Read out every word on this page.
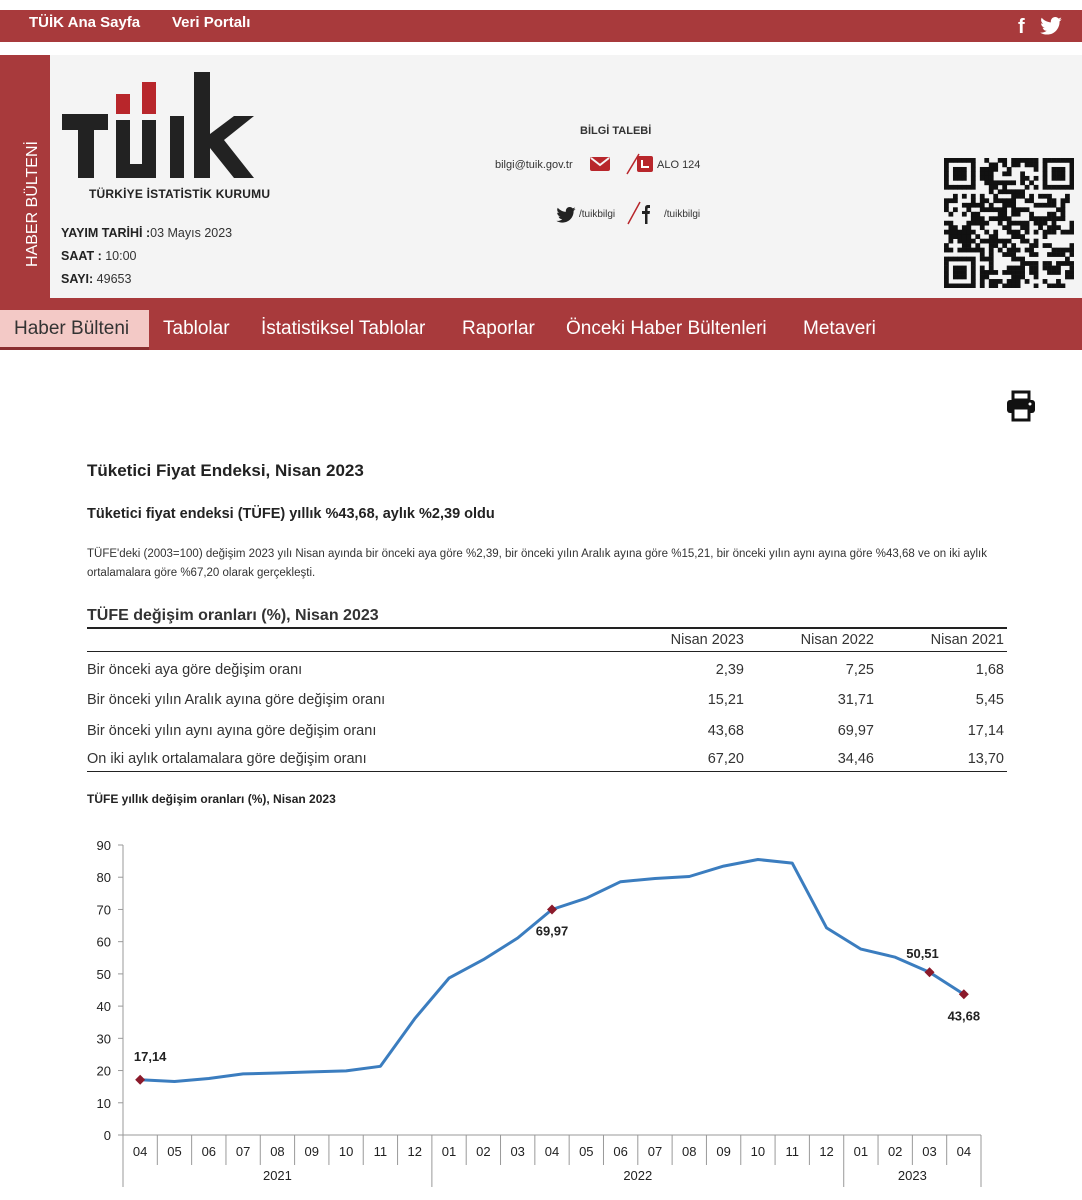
TÜİK Ana Sayfa Veri Portalı	f
HABER BÜLTENİ	TÜRKİYE İSTATİSTİK KURUMU
YAYIM TARİHİ :03 Mayıs 2023
SAAT : 10:00
SAYI: 49653
BİLGİ TALEBİ
bilgi@tuik.gov.tr	ALO 124
/tuikbilgi	/tuikbilgi
Haber Bülteni Tablolar İstatistiksel Tablolar Raporlar Önceki Haber Bültenleri Metaveri
Tüketici Fiyat Endeksi, Nisan 2023
Tüketici fiyat endeksi (TÜFE) yıllık %43,68, aylık %2,39 oldu
TÜFE'deki (2003=100) değişim 2023 yılı Nisan ayında bir önceki aya göre %2,39, bir önceki yılın Aralık ayına göre %15,21, bir önceki yılın aynı ayına göre %43,68 ve on iki aylık ortalamalara göre %67,20 olarak gerçekleşti.
TÜFE değişim oranları (%), Nisan 2023
Nisan 2023	Nisan 2022	Nisan 2021
Bir önceki aya göre değişim oranı	2,39	7,25	1,68
Bir önceki yılın Aralık ayına göre değişim oranı	15,21	31,71	5,45
Bir önceki yılın aynı ayına göre değişim oranı	43,68	69,97	17,14
On iki aylık ortalamalara göre değişim oranı	67,20	34,46	13,70
TÜFE yıllık değişim oranları (%), Nisan 2023
0
10
20
30
40
50
60
70
80
90
04 05 06 07 08 09 10 11 12 01 02 03 04 05 06 07 08 09 10 11 12 01 02 03 04
2021	2022	2023
17,14
69,97
50,51
43,68
